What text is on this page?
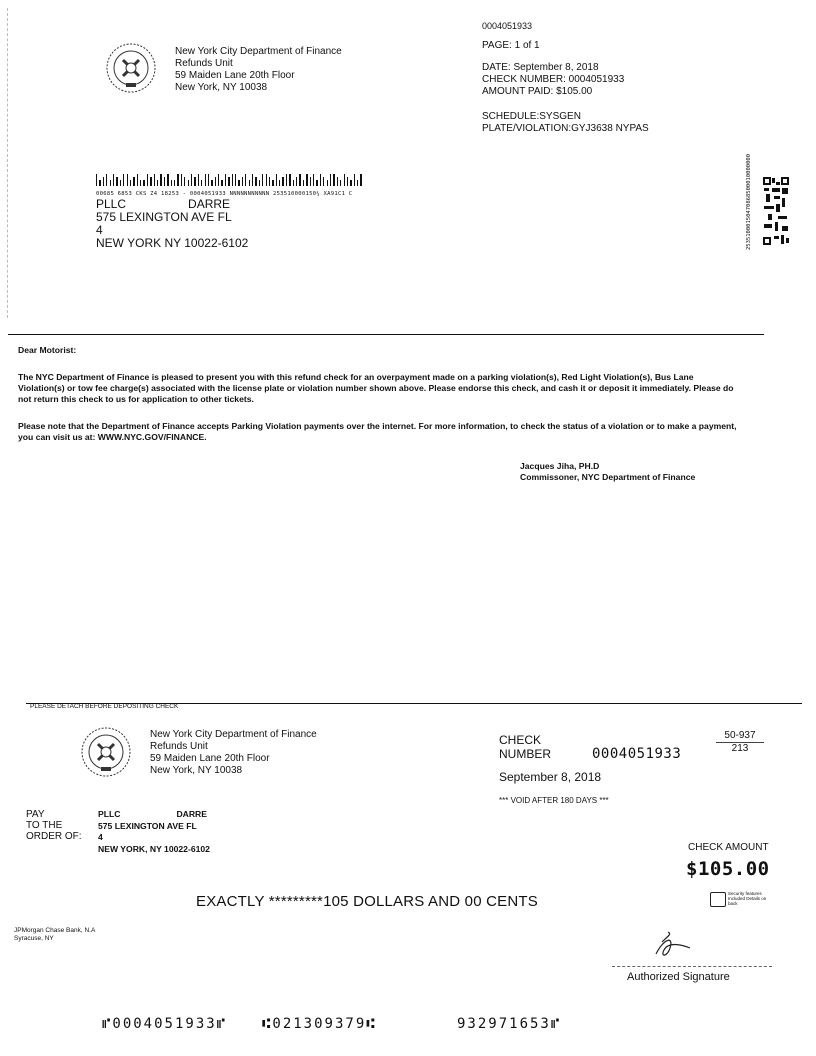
New York City Department of Finance
Refunds Unit
59 Maiden Lane 20th Floor
New York, NY 10038
0004051933
PAGE: 1 of 1
DATE: September 8, 2018
CHECK NUMBER: 0004051933
AMOUNT PAID: $105.00
SCHEDULE:SYSGEN
PLATE/VIOLATION:GYJ3638 NYPAS
00685 6853 CKS Z4 18253 - 0004051933 NNNNNNNNNNN 253510000150¼ XA91C1 C
PLLC	DARRE
575 LEXINGTON AVE FL
4
NEW YORK NY 10022-6102	25351000150470868500010000000
Dear Motorist:
The NYC Department of Finance is pleased to present you with this refund check for an overpayment made on a parking violation(s), Red Light Violation(s), Bus Lane Violation(s) or tow fee charge(s) associated with the license plate or violation number shown above. Please endorse this check, and cash it or deposit it immediately. Please do not return this check to us for application to other tickets.
Please note that the Department of Finance accepts Parking Violation payments over the internet. For more information, to check the status of a violation or to make a payment, you can visit us at: WWW.NYC.GOV/FINANCE.
Jacques Jiha, PH.D
Commissoner, NYC Department of Finance
PLEASE DETACH BEFORE DEPOSITING CHECK
New York City Department of Finance
Refunds Unit
59 Maiden Lane 20th Floor
New York, NY 10038
CHECK
NUMBER	0004051933
50-937
213
September 8, 2018
*** VOID AFTER 180 DAYS ***
PAY
TO THE
ORDER OF:
PLLC	DARRE
575 LEXINGTON AVE FL
4
NEW YORK, NY 10022-6102	CHECK AMOUNT
$105.00
EXACTLY *********105 DOLLARS AND 00 CENTS	Security features Included Details on back
JPMorgan Chase Bank, N.A
Syracuse, NY
Authorized Signature
⑈0004051933⑈ ⑆021309379⑆	932971653⑈
